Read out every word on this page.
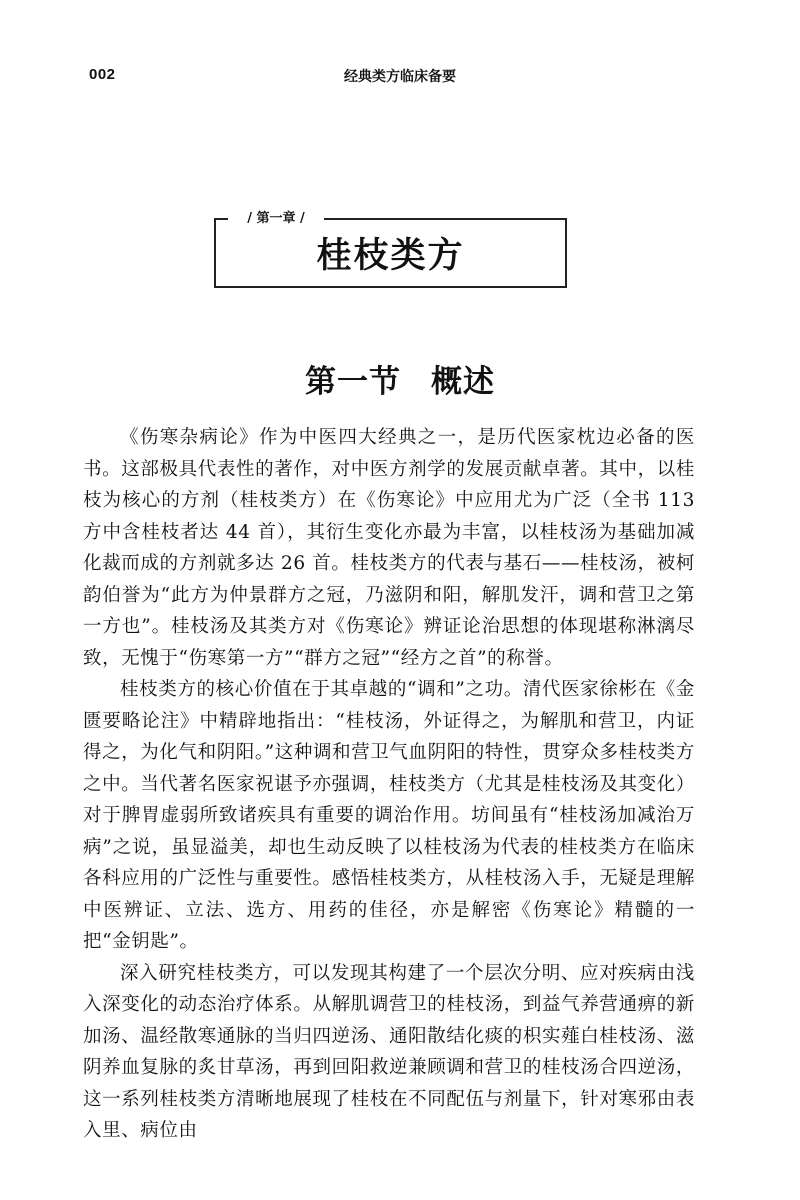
002	经典类方临床备要
/ 第一章 /
桂枝类方
第一节 概述

《伤寒杂病论》作为中医四大经典之一，是历代医家枕边必备的医书。这部极具代表性的著作，对中医方剂学的发展贡献卓著。其中，以桂枝为核心的方剂（桂枝类方）在《伤寒论》中应用尤为广泛（全书 113 方中含桂枝者达 44 首），其衍生变化亦最为丰富，以桂枝汤为基础加减化裁而成的方剂就多达 26 首。桂枝类方的代表与基石——桂枝汤，被柯韵伯誉为“此方为仲景群方之冠，乃滋阴和阳，解肌发汗，调和营卫之第一方也”。桂枝汤及其类方对《伤寒论》辨证论治思想的体现堪称淋漓尽致，无愧于“伤寒第一方”“群方之冠”“经方之首”的称誉。

桂枝类方的核心价值在于其卓越的“调和”之功。清代医家徐彬在《金匮要略论注》中精辟地指出：“桂枝汤，外证得之，为解肌和营卫，内证得之，为化气和阴阳。”这种调和营卫气血阴阳的特性，贯穿众多桂枝类方之中。当代著名医家祝谌予亦强调，桂枝类方（尤其是桂枝汤及其变化）对于脾胃虚弱所致诸疾具有重要的调治作用。坊间虽有“桂枝汤加减治万病”之说，虽显溢美，却也生动反映了以桂枝汤为代表的桂枝类方在临床各科应用的广泛性与重要性。感悟桂枝类方，从桂枝汤入手，无疑是理解中医辨证、立法、选方、用药的佳径，亦是解密《伤寒论》精髓的一把“金钥匙”。

深入研究桂枝类方，可以发现其构建了一个层次分明、应对疾病由浅入深变化的动态治疗体系。从解肌调营卫的桂枝汤，到益气养营通痹的新加汤、温经散寒通脉的当归四逆汤、通阳散结化痰的枳实薤白桂枝汤、滋阴养血复脉的炙甘草汤，再到回阳救逆兼顾调和营卫的桂枝汤合四逆汤，这一系列桂枝类方清晰地展现了桂枝在不同配伍与剂量下，针对寒邪由表入里、病位由
